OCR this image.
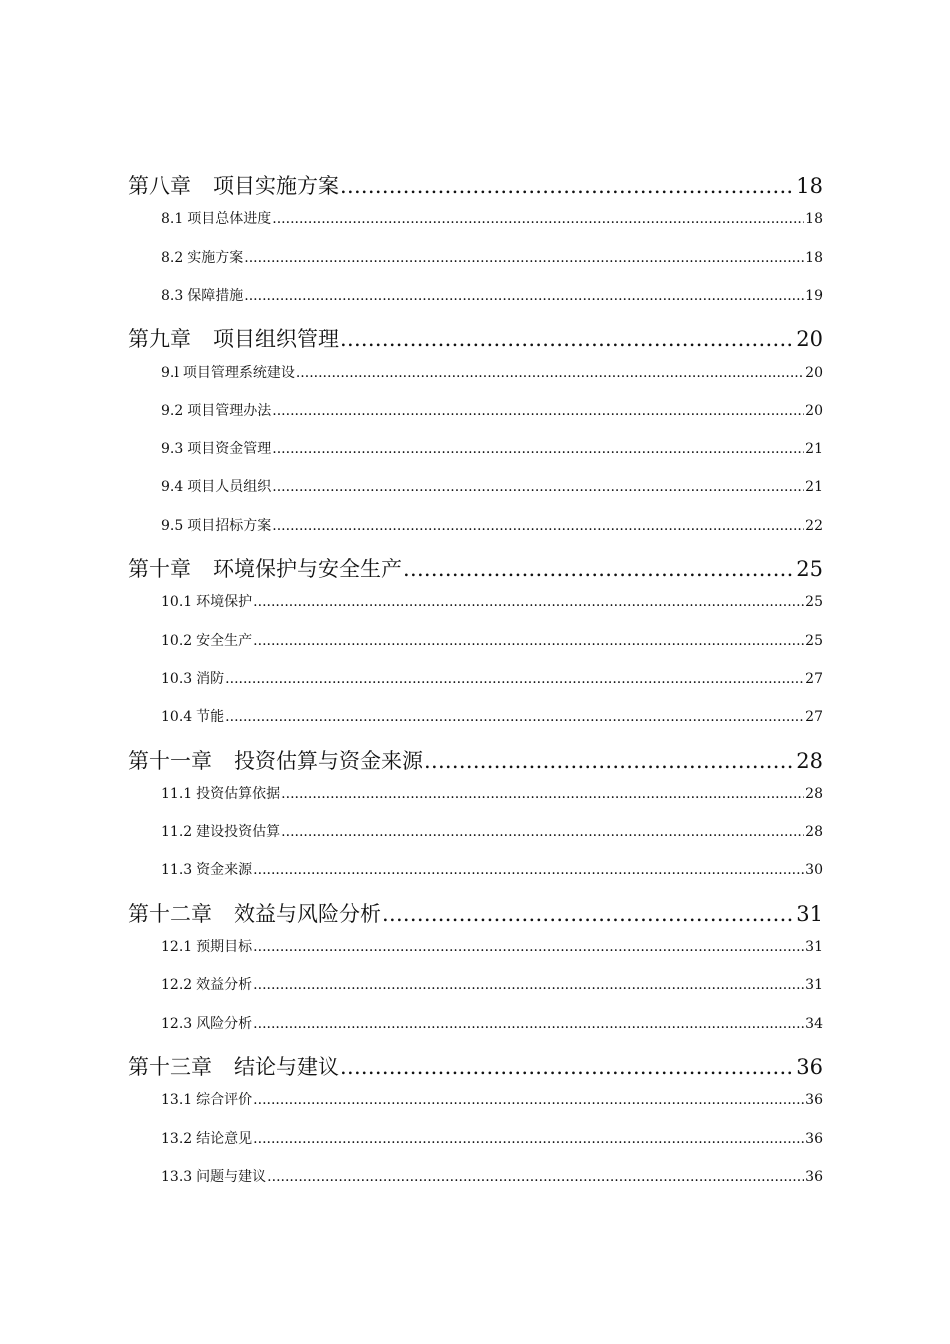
第八章 项目实施方案 .....	18
8.1 项目总体进度 .....	18
8.2 实施方案 .....	18
8.3 保障措施 .....	19
第九章 项目组织管理 .....	20
9.l 项目管理系统建设 .....	20
9.2 项目管理办法 .....	20
9.3 项目资金管理 .....	21
9.4 项目人员组织 .....	21
9.5 项目招标方案 .....	22
第十章 环境保护与安全生产 .....	25
10.1 环境保护 .....	25
10.2 安全生产 .....	25
10.3 消防 .....	27
10.4 节能 .....	27
第十一章 投资估算与资金来源 .....	28
11.1 投资估算依据 .....	28
11.2 建设投资估算 .....	28
11.3 资金来源 .....	30
第十二章 效益与风险分析 .....	31
12.1 预期目标 .....	31
12.2 效益分析 .....	31
12.3 风险分析 .....	34
第十三章 结论与建议 .....	36
13.1 综合评价 .....	36
13.2 结论意见 .....	36
13.3 问题与建议 .....	36
